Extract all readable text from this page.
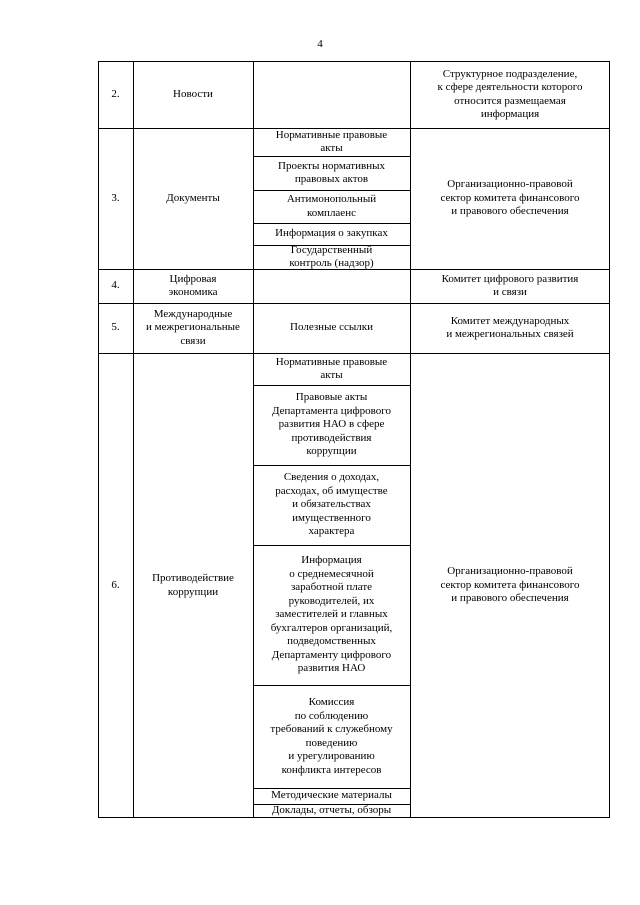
4
2.	Новости
Структурное подразделение,
к сфере деятельности которого
относится размещаемая
информация
3.	Документы
Организационно-правовой
сектор комитета финансового
и правового обеспечения
Нормативные правовые
акты
Проекты нормативных
правовых актов
Антимонопольный
комплаенс
Информация о закупках
Государственный
контроль (надзор)
4.
Цифровая
экономика
Комитет цифрового развития
и связи
5.
Международные
и межрегиональные
связи
Комитет международных
и межрегиональных связей
Полезные ссылки
6.
Противодействие
коррупции
Организационно-правовой
сектор комитета финансового
и правового обеспечения
Нормативные правовые
акты
Правовые акты
Департамента цифрового
развития НАО в сфере
противодействия
коррупции
Сведения о доходах,
расходах, об имуществе
и обязательствах
имущественного
характера
Информация
о среднемесячной
заработной плате
руководителей, их
заместителей и главных
бухгалтеров организаций,
подведомственных
Департаменту цифрового
развития НАО
Комиссия
по соблюдению
требований к служебному
поведению
и урегулированию
конфликта интересов
Методические материалы
Доклады, отчеты, обзоры
